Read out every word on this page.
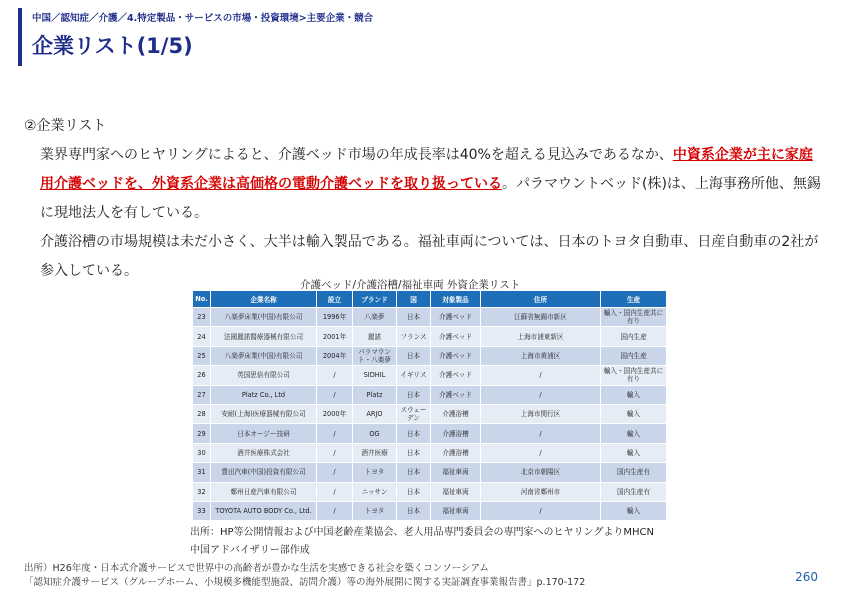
中国／認知症／介護／4.特定製品・サービスの市場・投資環境>主要企業・競合
企業リスト(1/5)

②企業リスト

業界専門家へのヒヤリングによると、介護ベッド市場の年成長率は40%を超える見込みであるなか、中資系企業が主に家庭用介護ベッドを、外資系企業は高価格の電動介護ベッドを取り扱っている。パラマウントベッド(株)は、上海事務所他、無錫に現地法人を有している。

介護浴槽の市場規模は未だ小さく、大半は輸入製品である。福祉車両については、日本のトヨタ自動車、日産自動車の2社が参入している。

介護ベッド/介護浴槽/福祉車両 外資企業リスト
No.	企業名称	設立	ブランド	国	対象製品	住所	生産
23	八楽夢床業(中国)有限公司	1996年	八楽夢	日本	介護ベッド	江蘇省無錫市新区	輸入・国内生産共に有り
24	法國麗諾醫療器械有限公司	2001年	麗諾	フランス	介護ベッド	上海市浦東新区	国内生産
25	八楽夢床業(中国)有限公司	2004年	パラマウント・八楽夢	日本	介護ベッド	上海市黄浦区	国内生産
26	英国思倍有限公司	/	SIDHIL	イギリス	介護ベッド	/	輸入・国内生産共に有り
27	Platz Co., Ltd	/	Platz	日本	介護ベッド	/	輸入
28	安耐(上海)医療器械有限公司	2000年	ARJO	スウェーデン	介護浴槽	上海市閔行区	輸入
29	日本オージー技研	/	OG	日本	介護浴槽	/	輸入
30	酒井医療株式会社	/	酒井医療	日本	介護浴槽	/	輸入
31	豊田汽車(中国)投資有限公司	/	トヨタ	日本	福祉車両	北京市朝陽区	国内生産有
32	鄭州日産汽車有限公司	/	ニッサン	日本	福祉車両	河南省鄭州市	国内生産有
33	TOYOTA AUTO BODY Co., Ltd.	/	トヨタ	日本	福祉車両	/	輸入
出所：HP等公開情報および中国老齢産業協会、老人用品専門委員会の専門家へのヒヤリングよりMHCN
中国アドバイザリー部作成
出所）H26年度・日本式介護サービスで世界中の高齢者が豊かな生活を実感できる社会を築くコンソーシアム
「認知症介護サービス（グループホーム、小規模多機能型施設、訪問介護）等の海外展開に関する実証調査事業報告書」p.170-172	260
